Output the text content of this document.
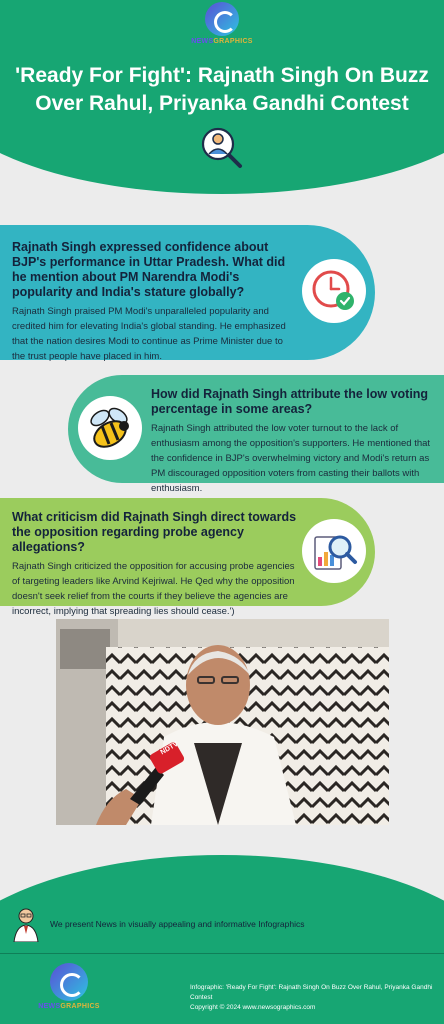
NEWSGRAPHICS
'Ready For Fight': Rajnath Singh On Buzz Over Rahul, Priyanka Gandhi Contest
Rajnath Singh expressed confidence about BJP's performance in Uttar Pradesh. What did he mention about PM Narendra Modi's popularity and India's stature globally?
Rajnath Singh praised PM Modi's unparalleled popularity and credited him for elevating India's global standing. He emphasized that the nation desires Modi to continue as Prime Minister due to the trust people have placed in him.
How did Rajnath Singh attribute the low voting percentage in some areas?
Rajnath Singh attributed the low voter turnout to the lack of enthusiasm among the opposition's supporters. He mentioned that the confidence in BJP's overwhelming victory and Modi's return as PM discouraged opposition voters from casting their ballots with enthusiasm.
What criticism did Rajnath Singh direct towards the opposition regarding probe agency allegations?
Rajnath Singh criticized the opposition for accusing probe agencies of targeting leaders like Arvind Kejriwal. He Qed why the opposition doesn't seek relief from the courts if they believe the agencies are incorrect, implying that spreading lies should cease.')
NDTV
We present News in visually appealing and informative Infographics
NEWSGRAPHICS
Infographic: 'Ready For Fight': Rajnath Singh On Buzz Over Rahul, Priyanka Gandhi Contest
Copyright © 2024 www.newsographics.com
